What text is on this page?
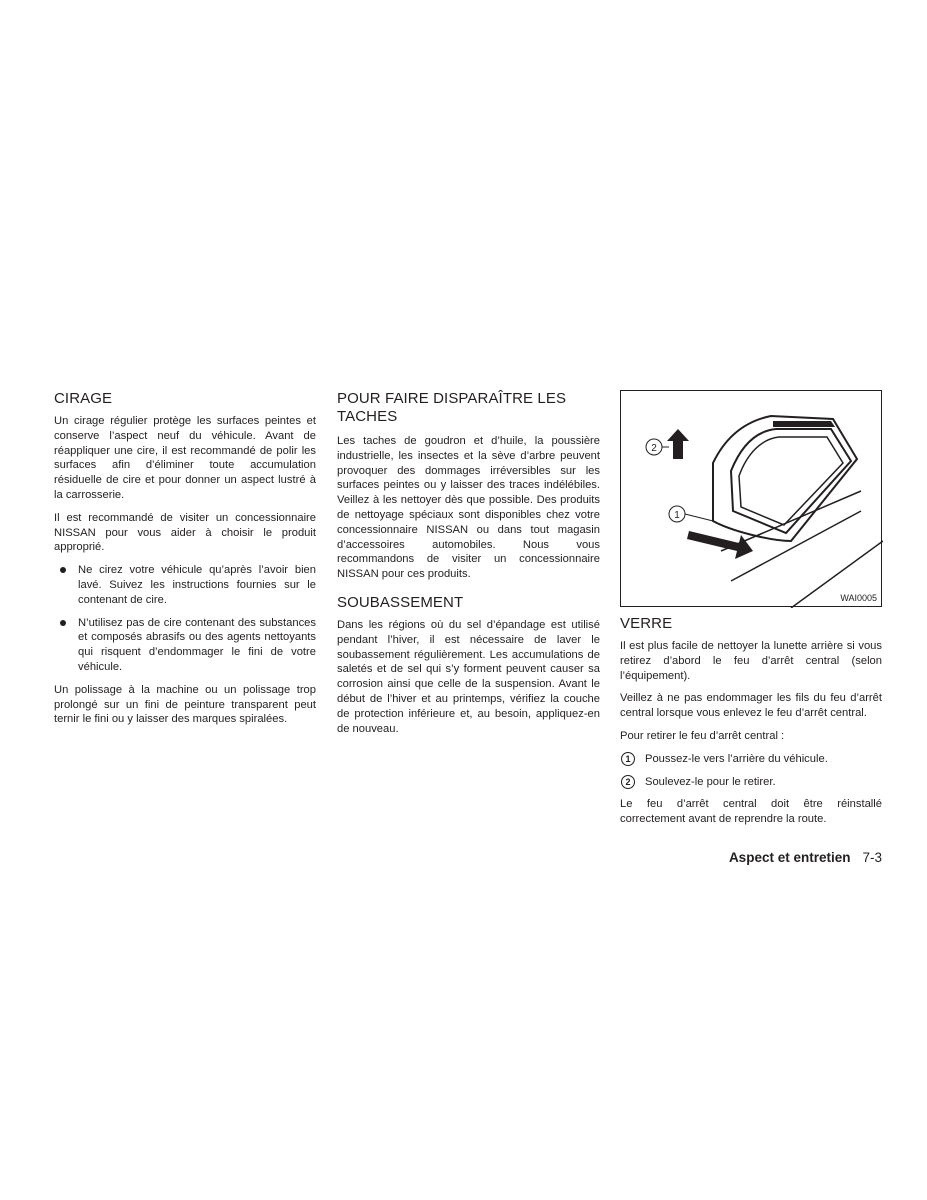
CIRAGE

Un cirage régulier protège les surfaces peintes et conserve l’aspect neuf du véhicule. Avant de réappliquer une cire, il est recommandé de polir les surfaces afin d’éliminer toute accumulation résiduelle de cire et pour donner un aspect lustré à la carrosserie.

Il est recommandé de visiter un concessionnaire NISSAN pour vous aider à choisir le produit approprié.

Ne cirez votre véhicule qu’après l’avoir bien lavé. Suivez les instructions fournies sur le contenant de cire.
N’utilisez pas de cire contenant des substances et composés abrasifs ou des agents nettoyants qui risquent d’endommager le fini de votre véhicule.

Un polissage à la machine ou un polissage trop prolongé sur un fini de peinture transparent peut ternir le fini ou y laisser des marques spiralées.

POUR FAIRE DISPARAÎTRE LES TACHES

Les taches de goudron et d’huile, la poussière industrielle, les insectes et la sève d’arbre peuvent provoquer des dommages irréversibles sur les surfaces peintes ou y laisser des traces indélébiles. Veillez à les nettoyer dès que possible. Des produits de nettoyage spéciaux sont disponibles chez votre concessionnaire NISSAN ou dans tout magasin d’accessoires automobiles. Nous vous recommandons de visiter un concessionnaire NISSAN pour ces produits.

SOUBASSEMENT

Dans les régions où du sel d’épandage est utilisé pendant l’hiver, il est nécessaire de laver le soubassement régulièrement. Les accumulations de saletés et de sel qui s’y forment peuvent causer sa corrosion ainsi que celle de la suspension. Avant le début de l’hiver et au printemps, vérifiez la couche de protection inférieure et, au besoin, appliquez-en de nouveau.

2
1
WAI0005
VERRE

Il est plus facile de nettoyer la lunette arrière si vous retirez d’abord le feu d’arrêt central (selon l’équipement).

Veillez à ne pas endommager les fils du feu d’arrêt central lorsque vous enlevez le feu d’arrêt central.

Pour retirer le feu d’arrêt central :

1	Poussez-le vers l’arrière du véhicule.
2	Soulevez-le pour le retirer.

Le feu d’arrêt central doit être réinstallé correctement avant de reprendre la route.

Aspect et entretien 7-3
